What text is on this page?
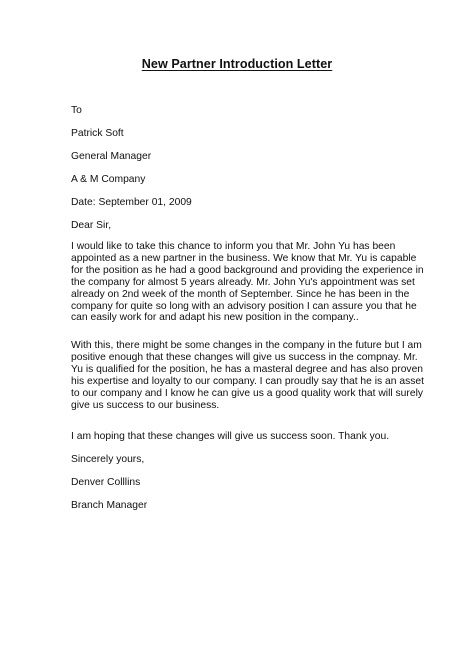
New Partner Introduction Letter
To
Patrick Soft
General Manager
A & M Company
Date: September 01, 2009
Dear Sir,
I would like to take this chance to inform you that Mr. John Yu has been
appointed as a new partner in the business. We know that Mr. Yu is capable
for the position as he had a good background and providing the experience in
the company for almost 5 years already. Mr. John Yu's appointment was set
already on 2nd week of the month of September. Since he has been in the
company for quite so long with an advisory position I can assure you that he
can easily work for and adapt his new position in the company..
With this, there might be some changes in the company in the future but I am
positive enough that these changes will give us success in the compnay. Mr.
Yu is qualified for the position, he has a masteral degree and has also proven
his expertise and loyalty to our company. I can proudly say that he is an asset
to our company and I know he can give us a good quality work that will surely
give us success to our business.
I am hoping that these changes will give us success soon. Thank you.
Sincerely yours,
Denver Colllins
Branch Manager
